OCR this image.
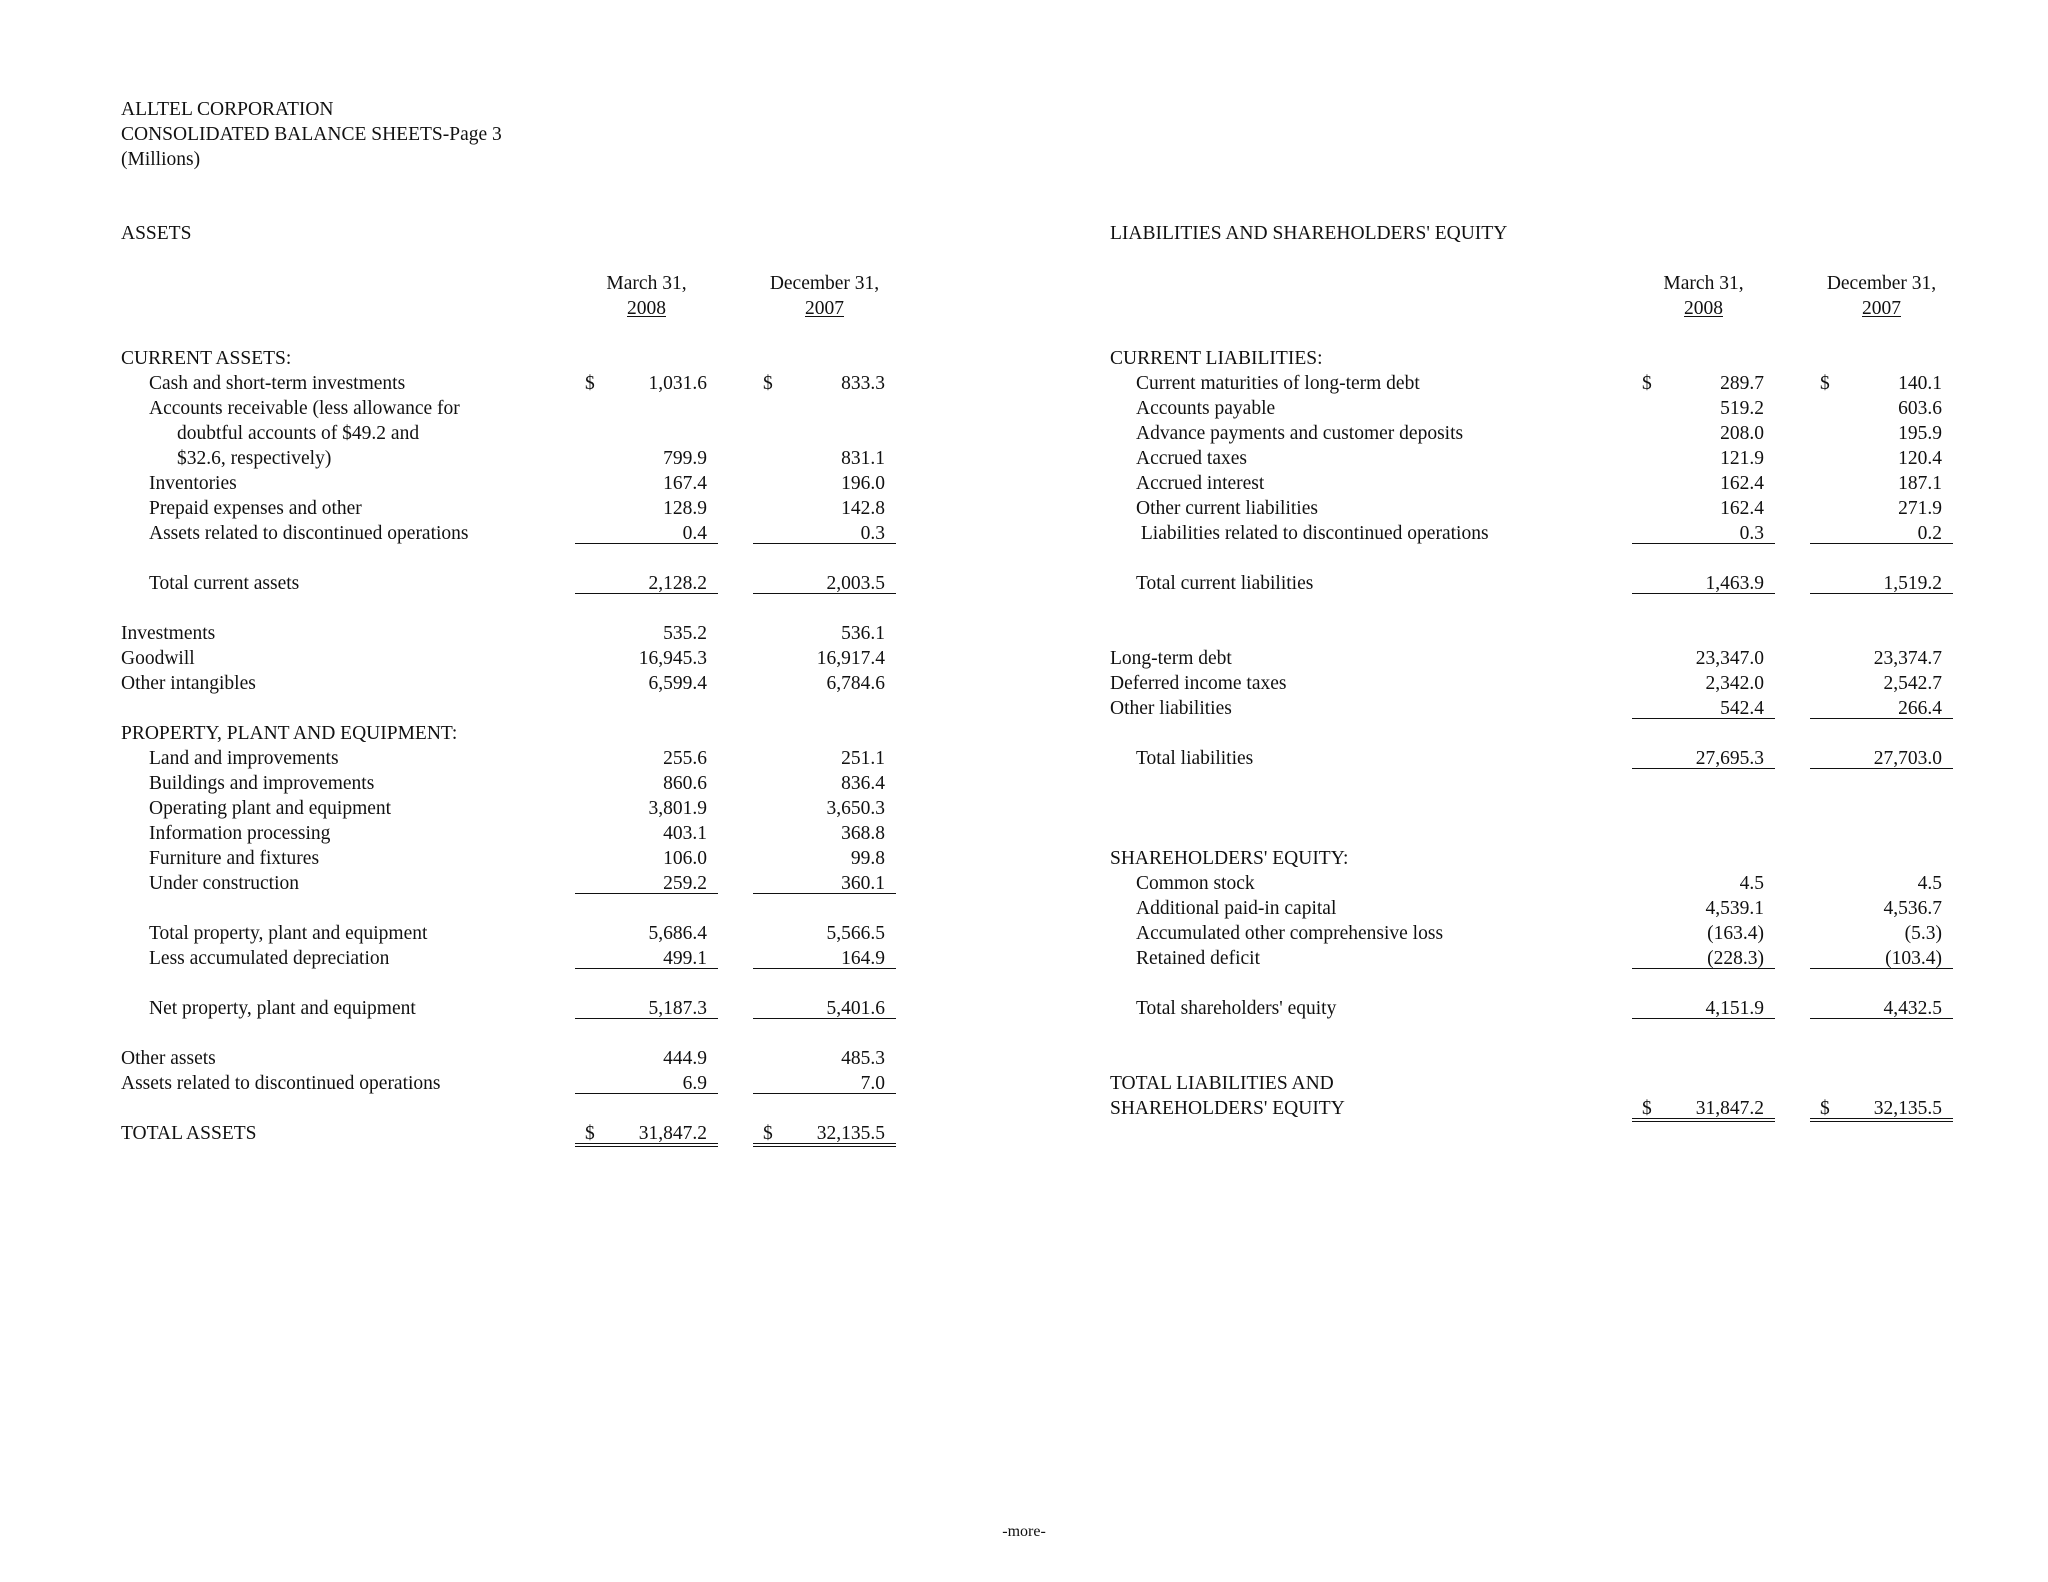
ALLTEL CORPORATION
CONSOLIDATED BALANCE SHEETS-Page 3
(Millions)
ASSETS	LIABILITIES AND SHAREHOLDERS' EQUITY
March 31,
2008
December 31,
2007
March 31,
2008
December 31,
2007
CURRENT ASSETS:
Cash and short-term investments	$	1,031.6	$	833.3
Accounts receivable (less allowance for
doubtful accounts of $49.2 and
$32.6, respectively)	799.9	831.1
Inventories	167.4	196.0
Prepaid expenses and other	128.9	142.8
Assets related to discontinued operations	0.4	0.3
Total current assets	2,128.2	2,003.5
Investments	535.2	536.1
Goodwill	16,945.3	16,917.4
Other intangibles	6,599.4	6,784.6
PROPERTY, PLANT AND EQUIPMENT:
Land and improvements	255.6	251.1
Buildings and improvements	860.6	836.4
Operating plant and equipment	3,801.9	3,650.3
Information processing	403.1	368.8
Furniture and fixtures	106.0	99.8
Under construction	259.2	360.1
Total property, plant and equipment	5,686.4	5,566.5
Less accumulated depreciation	499.1	164.9
Net property, plant and equipment	5,187.3	5,401.6
Other assets	444.9	485.3
Assets related to discontinued operations	6.9	7.0
TOTAL ASSETS	$ 31,847.2	$ 32,135.5
CURRENT LIABILITIES:
Current maturities of long-term debt	$	289.7	$	140.1
Accounts payable	519.2	603.6
Advance payments and customer deposits	208.0	195.9
Accrued taxes	121.9	120.4
Accrued interest	162.4	187.1
Other current liabilities	162.4	271.9
Liabilities related to discontinued operations	0.3	0.2
Total current liabilities	1,463.9	1,519.2
Long-term debt	23,347.0	23,374.7
Deferred income taxes	2,342.0	2,542.7
Other liabilities	542.4	266.4
Total liabilities	27,695.3	27,703.0
SHAREHOLDERS' EQUITY:
Common stock	4.5	4.5
Additional paid-in capital	4,539.1	4,536.7
Accumulated other comprehensive loss	(163.4)	(5.3)
Retained deficit	(228.3)	(103.4)
Total shareholders' equity	4,151.9	4,432.5
TOTAL LIABILITIES AND
SHAREHOLDERS' EQUITY	$ 31,847.2	$ 32,135.5
-more-
